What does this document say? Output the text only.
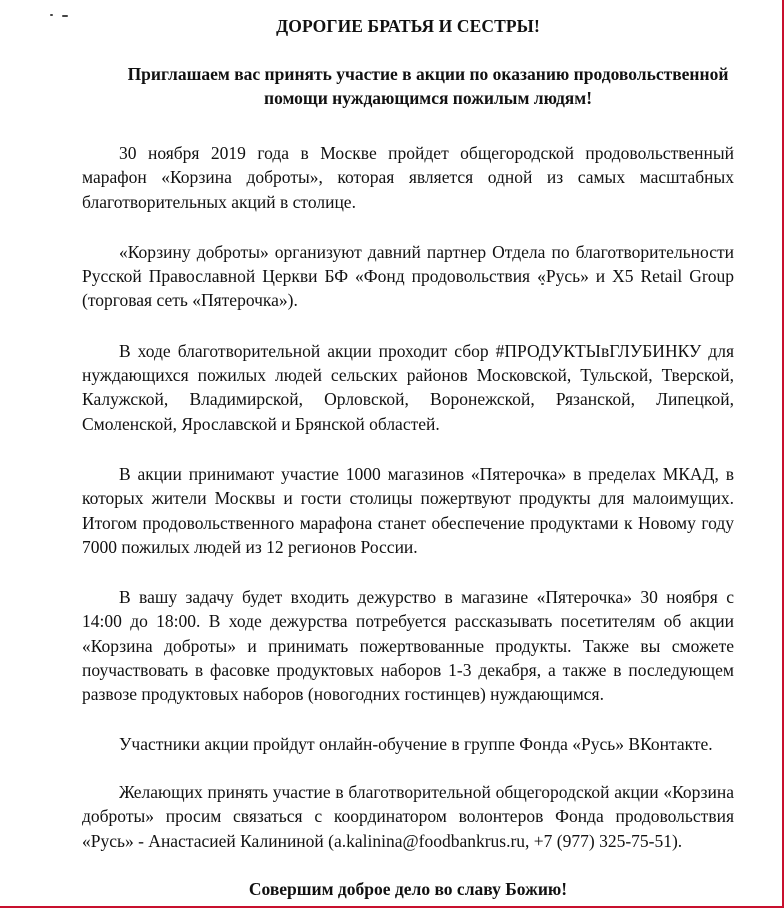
ДОРОГИЕ БРАТЬЯ И СЕСТРЫ!
Приглашаем вас принять участие в акции по оказанию продовольственной помощи нуждающимся пожилым людям!

30 ноября 2019 года в Москве пройдет общегородской продовольственный марафон «Корзина доброты», которая является одной из самых масштабных благотворительных акций в столице.

«Корзину доброты» организуют давний партнер Отдела по благотворительности Русской Православной Церкви БФ «Фонд продовольствия «Русь» и X5 Retail Group (торговая сеть «Пятерочка»).

В ходе благотворительной акции проходит сбор #ПРОДУКТЫвГЛУБИНКУ для нуждающихся пожилых людей сельских районов Московской, Тульской, Тверской, Калужской, Владимирской, Орловской, Воронежской, Рязанской, Липецкой, Смоленской, Ярославской и Брянской областей.

В акции принимают участие 1000 магазинов «Пятерочка» в пределах МКАД, в которых жители Москвы и гости столицы пожертвуют продукты для малоимущих. Итогом продовольственного марафона станет обеспечение продуктами к Новому году 7000 пожилых людей из 12 регионов России.

В вашу задачу будет входить дежурство в магазине «Пятерочка» 30 ноября с 14:00 до 18:00. В ходе дежурства потребуется рассказывать посетителям об акции «Корзина доброты» и принимать пожертвованные продукты. Также вы сможете поучаствовать в фасовке продуктовых наборов 1-3 декабря, а также в последующем развозе продуктовых наборов (новогодних гостинцев) нуждающимся.

Участники акции пройдут онлайн-обучение в группе Фонда «Русь» ВКонтакте.

Желающих принять участие в благотворительной общегородской акции «Корзина доброты» просим связаться с координатором волонтеров Фонда продовольствия «Русь» - Анастасией Калининой (a.kalinina@foodbankrus.ru, +7 (977) 325-75-51).

Совершим доброе дело во славу Божию!
